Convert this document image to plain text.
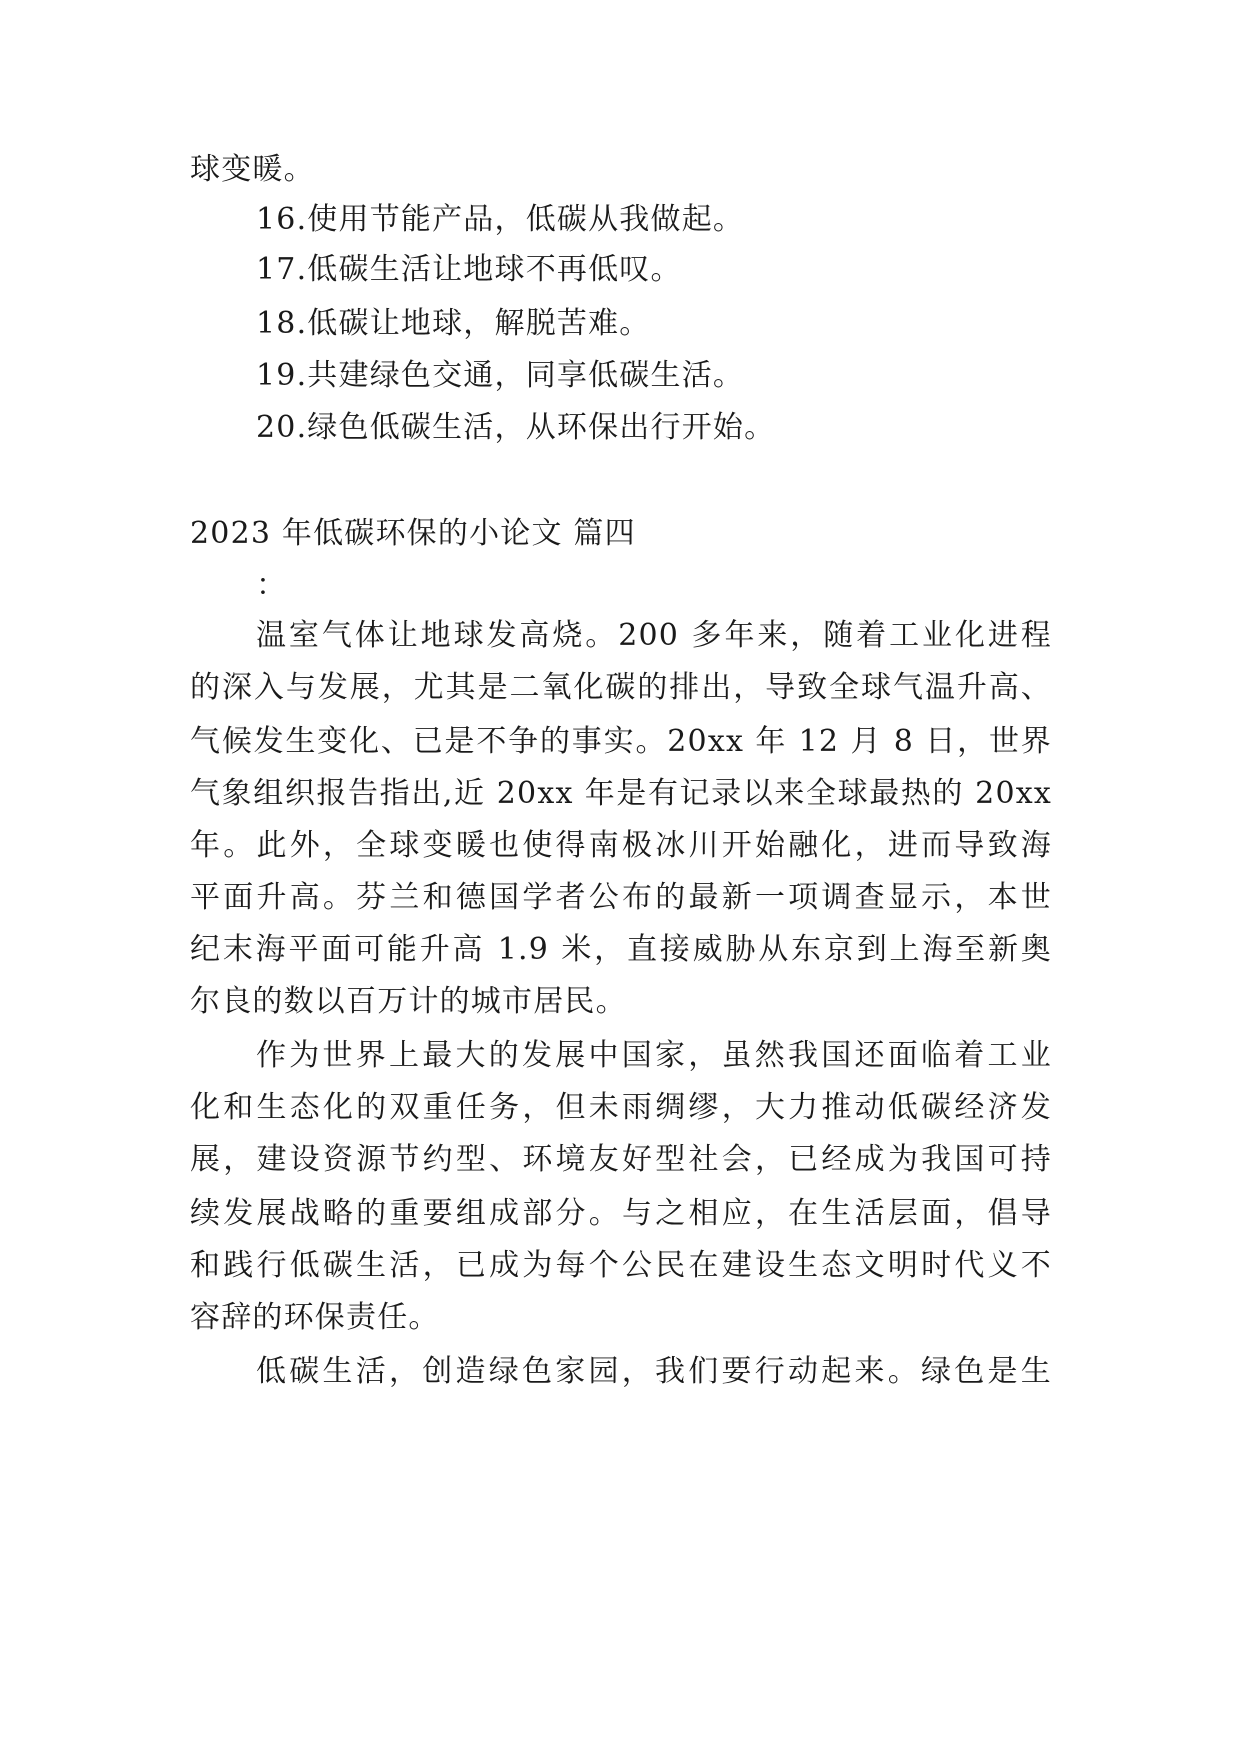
球变暖。
16.使用节能产品，低碳从我做起。
17.低碳生活让地球不再低叹。
18.低碳让地球，解脱苦难。
19.共建绿色交通，同享低碳生活。
20.绿色低碳生活，从环保出行开始。
2023 年低碳环保的小论文 篇四
：
温室气体让地球发高烧。200 多年来，随着工业化进程
的深入与发展，尤其是二氧化碳的排出，导致全球气温升高、
气候发生变化、已是不争的事实。20xx 年 12 月 8 日，世界
气象组织报告指出,近 20xx 年是有记录以来全球最热的 20xx
年。此外，全球变暖也使得南极冰川开始融化，进而导致海
平面升高。芬兰和德国学者公布的最新一项调查显示，本世
纪末海平面可能升高 1.9 米，直接威胁从东京到上海至新奥
尔良的数以百万计的城市居民。
作为世界上最大的发展中国家，虽然我国还面临着工业
化和生态化的双重任务，但未雨绸缪，大力推动低碳经济发
展，建设资源节约型、环境友好型社会，已经成为我国可持
续发展战略的重要组成部分。与之相应，在生活层面，倡导
和践行低碳生活，已成为每个公民在建设生态文明时代义不
容辞的环保责任。
低碳生活，创造绿色家园，我们要行动起来。绿色是生
